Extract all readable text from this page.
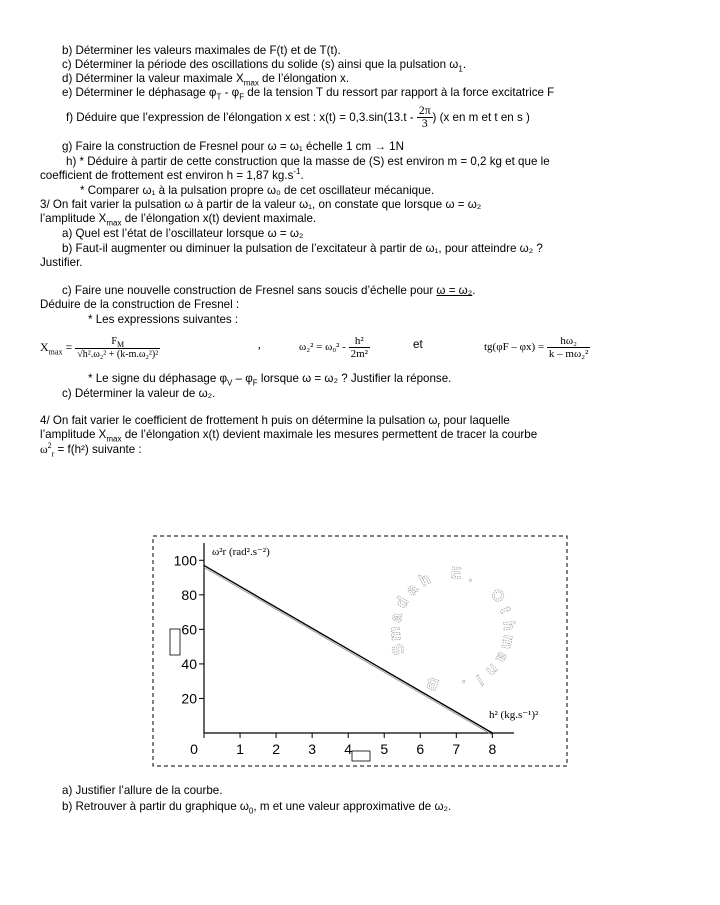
b) Déterminer les valeurs maximales de F(t) et de T(t).
c) Déterminer la période des oscillations du solide (s) ainsi que la pulsation $\omega_1$.
d) Déterminer la valeur maximale $X_{max}$ de l’élongation x.
e) Déterminer le déphasage $\varphi_T - \varphi_F$ de la tension T du ressort par rapport à la force excitatrice F
f) Déduire que l’expression de l’élongation x est : $x(t) = 0,3.\sin(13.t - \frac{2\pi}{3}$ ) (x en m et t en s )
g) Faire la construction de Fresnel pour ω = ω₁ échelle 1 cm → 1N
h) * Déduire à partir de cette construction que la masse de (S) est environ m = 0,2 kg et que le
coefficient de frottement est environ h = 1,87 $kg.s^{-1}$.
* Comparer ω₁ à la pulsation propre ω₀ de cet oscillateur mécanique.
3/ On fait varier la pulsation ω à partir de la valeur ω₁, on constate que lorsque ω = ω₂
l’amplitude $X_{max}$ de l’élongation x(t) devient maximale.
a) Quel est l’état de l’oscillateur lorsque ω = ω₂
b) Faut-il augmenter ou diminuer la pulsation de l’excitateur à partir de ω₁, pour atteindre ω₂ ?
Justifier.
c) Faire une nouvelle construction de Fresnel sans soucis d’échelle pour ω = ω₂.
Déduire de la construction de Fresnel :
* Les expressions suivantes :
$X_{max} = \frac{F_M}{\text{√h².ω₂² + (k-m.ω₂²)²}}$	,	$\omega_2^2 = \omega_0^2 - \frac{\text{h²}}{\text{2m²}}$	et	$tg(\varphi F - \varphi x) = \frac{\text{hω₂}}{\text{k – mω₂²}}$
* Le signe du déphasage $\varphi_V - \varphi_F$ lorsque ω = ω₂ ? Justifier la réponse.
c) Déterminer la valeur de ω₂.
4/ On fait varier le coefficient de frottement h puis on détermine la pulsation $\omega_r$ pour laquelle
l’amplitude $X_{max}$ de l’élongation x(t) devient maximale les mesures permettent de tracer la courbe
$\omega^2_r = f(h^2)$ suivante :
S
m
a
d
a
h E .
O
t
h
m
a
n
i
.
B
20
40
60
80
100
0	1 2 3 4 5 6 7 8
ω²r (rad².s⁻²)
h² (kg.s⁻¹)²
a) Justifier l’allure de la courbe.
b) Retrouver à partir du graphique $\omega_0$, m et une valeur approximative de ω₂.
